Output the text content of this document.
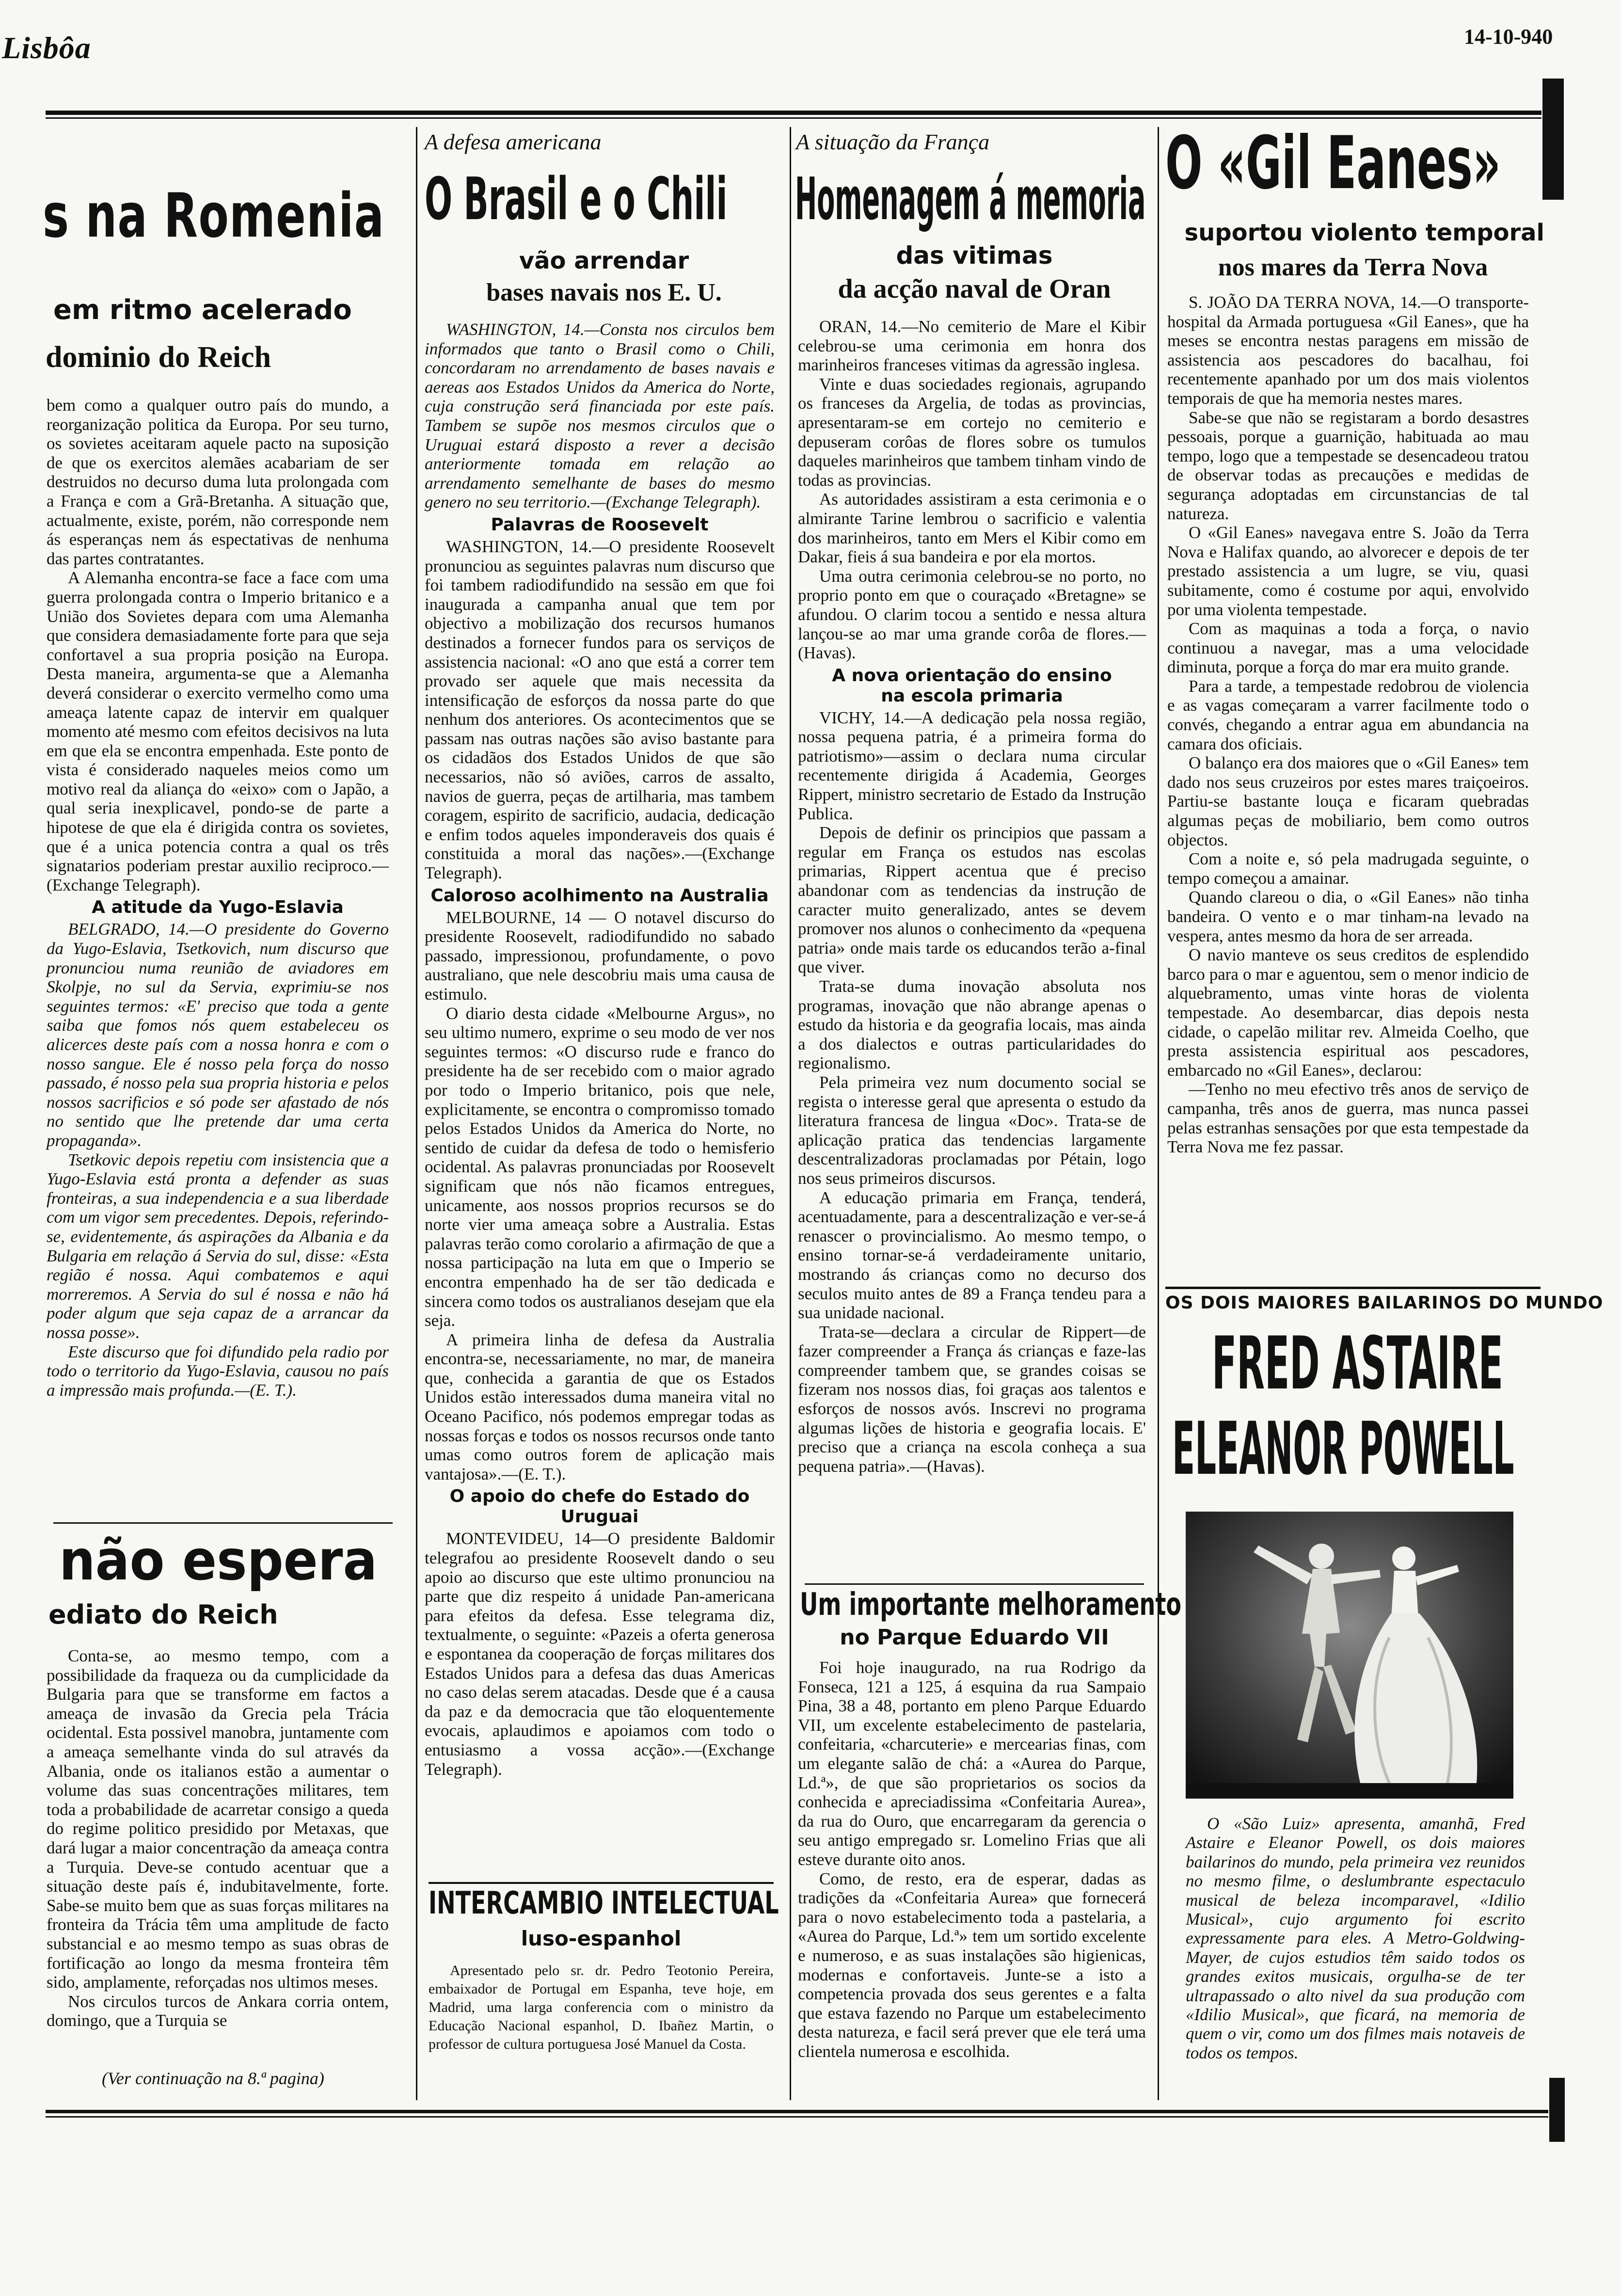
Lisbôa	14-10-940
s na Romenia
em ritmo acelerado
dominio do Reich

bem como a qualquer outro país do mundo, a reorganização politica da Europa. Por seu turno, os sovietes aceitaram aquele pacto na suposição de que os exercitos alemães acabariam de ser destruidos no decurso duma luta prolongada com a França e com a Grã-Bretanha. A situação que, actualmente, existe, porém, não corresponde nem ás esperanças nem ás espectativas de nenhuma das partes contratantes.

A Alemanha encontra-se face a face com uma guerra prolongada contra o Imperio britanico e a União dos Sovietes depara com uma Alemanha que considera demasiadamente forte para que seja confortavel a sua propria posição na Europa. Desta maneira, argumenta-se que a Alemanha deverá considerar o exercito vermelho como uma ameaça latente capaz de intervir em qualquer momento até mesmo com efeitos decisivos na luta em que ela se encontra empenhada. Este ponto de vista é considerado naqueles meios como um motivo real da aliança do «eixo» com o Japão, a qual seria inexplicavel, pondo-se de parte a hipotese de que ela é dirigida contra os sovietes, que é a unica potencia contra a qual os três signatarios poderiam prestar auxilio reciproco.—(Exchange Telegraph).

A atitude da Yugo-Eslavia

BELGRADO, 14.—O presidente do Governo da Yugo-Eslavia, Tsetkovich, num discurso que pronunciou numa reunião de aviadores em Skolpje, no sul da Servia, exprimiu-se nos seguintes termos: «E' preciso que toda a gente saiba que fomos nós quem estabeleceu os alicerces deste país com a nossa honra e com o nosso sangue. Ele é nosso pela força do nosso passado, é nosso pela sua propria historia e pelos nossos sacrificios e só pode ser afastado de nós no sentido que lhe pretende dar uma certa propaganda».

Tsetkovic depois repetiu com insistencia que a Yugo-Eslavia está pronta a defender as suas fronteiras, a sua independencia e a sua liberdade com um vigor sem precedentes. Depois, referindo-se, evidentemente, ás aspirações da Albania e da Bulgaria em relação á Servia do sul, disse: «Esta região é nossa. Aqui combatemos e aqui morreremos. A Servia do sul é nossa e não há poder algum que seja capaz de a arrancar da nossa posse».

Este discurso que foi difundido pela radio por todo o territorio da Yugo-Eslavia, causou no país a impressão mais profunda.—(E. T.).

não espera
ediato do Reich

Conta-se, ao mesmo tempo, com a possibilidade da fraqueza ou da cumplicidade da Bulgaria para que se transforme em factos a ameaça de invasão da Grecia pela Trácia ocidental. Esta possivel manobra, juntamente com a ameaça semelhante vinda do sul através da Albania, onde os italianos estão a aumentar o volume das suas concentrações militares, tem toda a probabilidade de acarretar consigo a queda do regime politico presidido por Metaxas, que dará lugar a maior concentração da ameaça contra a Turquia. Deve-se contudo acentuar que a situação deste país é, indubitavelmente, forte. Sabe-se muito bem que as suas forças militares na fronteira da Trácia têm uma amplitude de facto substancial e ao mesmo tempo as suas obras de fortificação ao longo da mesma fronteira têm sido, amplamente, reforçadas nos ultimos meses.

Nos circulos turcos de Ankara corria ontem, domingo, que a Turquia se

(Ver continuação na 8.ª pagina)
A defesa americana
O Brasil e o Chili
vão arrendar
bases navais nos E. U.

WASHINGTON, 14.—Consta nos circulos bem informados que tanto o Brasil como o Chili, concordaram no arrendamento de bases navais e aereas aos Estados Unidos da America do Norte, cuja construção será financiada por este país. Tambem se supõe nos mesmos circulos que o Uruguai estará disposto a rever a decisão anteriormente tomada em relação ao arrendamento semelhante de bases do mesmo genero no seu territorio.—(Exchange Telegraph).

Palavras de Roosevelt

WASHINGTON, 14.—O presidente Roosevelt pronunciou as seguintes palavras num discurso que foi tambem radiodifundido na sessão em que foi inaugurada a campanha anual que tem por objectivo a mobilização dos recursos humanos destinados a fornecer fundos para os serviços de assistencia nacional: «O ano que está a correr tem provado ser aquele que mais necessita da intensificação de esforços da nossa parte do que nenhum dos anteriores. Os acontecimentos que se passam nas outras nações são aviso bastante para os cidadãos dos Estados Unidos de que são necessarios, não só aviões, carros de assalto, navios de guerra, peças de artilharia, mas tambem coragem, espirito de sacrificio, audacia, dedicação e enfim todos aqueles imponderaveis dos quais é constituida a moral das nações».—(Exchange Telegraph).

Caloroso acolhimento na Australia

MELBOURNE, 14 — O notavel discurso do presidente Roosevelt, radiodifundido no sabado passado, impressionou, profundamente, o povo australiano, que nele descobriu mais uma causa de estimulo.

O diario desta cidade «Melbourne Argus», no seu ultimo numero, exprime o seu modo de ver nos seguintes termos: «O discurso rude e franco do presidente ha de ser recebido com o maior agrado por todo o Imperio britanico, pois que nele, explicitamente, se encontra o compromisso tomado pelos Estados Unidos da America do Norte, no sentido de cuidar da defesa de todo o hemisferio ocidental. As palavras pronunciadas por Roosevelt significam que nós não ficamos entregues, unicamente, aos nossos proprios recursos se do norte vier uma ameaça sobre a Australia. Estas palavras terão como corolario a afirmação de que a nossa participação na luta em que o Imperio se encontra empenhado ha de ser tão dedicada e sincera como todos os australianos desejam que ela seja.

A primeira linha de defesa da Australia encontra-se, necessariamente, no mar, de maneira que, conhecida a garantia de que os Estados Unidos estão interessados duma maneira vital no Oceano Pacifico, nós podemos empregar todas as nossas forças e todos os nossos recursos onde tanto umas como outros forem de aplicação mais vantajosa».—(E. T.).

O apoio do chefe do Estado do Uruguai

MONTEVIDEU, 14—O presidente Baldomir telegrafou ao presidente Roosevelt dando o seu apoio ao discurso que este ultimo pronunciou na parte que diz respeito á unidade Pan-americana para efeitos da defesa. Esse telegrama diz, textualmente, o seguinte: «Pazeis a oferta generosa e espontanea da cooperação de forças militares dos Estados Unidos para a defesa das duas Americas no caso delas serem atacadas. Desde que é a causa da paz e da democracia que tão eloquentemente evocais, aplaudimos e apoiamos com todo o entusiasmo a vossa acção».—(Exchange Telegraph).

INTERCAMBIO INTELECTUAL
luso-espanhol

Apresentado pelo sr. dr. Pedro Teotonio Pereira, embaixador de Portugal em Espanha, teve hoje, em Madrid, uma larga conferencia com o ministro da Educação Nacional espanhol, D. Ibañez Martin, o professor de cultura portuguesa José Manuel da Costa.

A situação da França
Homenagem á memoria
das vitimas
da acção naval de Oran

ORAN, 14.—No cemiterio de Mare el Kibir celebrou-se uma cerimonia em honra dos marinheiros franceses vitimas da agressão inglesa.

Vinte e duas sociedades regionais, agrupando os franceses da Argelia, de todas as provincias, apresentaram-se em cortejo no cemiterio e depuseram corôas de flores sobre os tumulos daqueles marinheiros que tambem tinham vindo de todas as provincias.

As autoridades assistiram a esta cerimonia e o almirante Tarine lembrou o sacrificio e valentia dos marinheiros, tanto em Mers el Kibir como em Dakar, fieis á sua bandeira e por ela mortos.

Uma outra cerimonia celebrou-se no porto, no proprio ponto em que o couraçado «Bretagne» se afundou. O clarim tocou a sentido e nessa altura lançou-se ao mar uma grande corôa de flores.—(Havas).

A nova orientação do ensino na escola primaria

VICHY, 14.—A dedicação pela nossa região, nossa pequena patria, é a primeira forma do patriotismo»—assim o declara numa circular recentemente dirigida á Academia, Georges Rippert, ministro secretario de Estado da Instrução Publica.

Depois de definir os principios que passam a regular em França os estudos nas escolas primarias, Rippert acentua que é preciso abandonar com as tendencias da instrução de caracter muito generalizado, antes se devem promover nos alunos o conhecimento da «pequena patria» onde mais tarde os educandos terão a-final que viver.

Trata-se duma inovação absoluta nos programas, inovação que não abrange apenas o estudo da historia e da geografia locais, mas ainda a dos dialectos e outras particularidades do regionalismo.

Pela primeira vez num documento social se regista o interesse geral que apresenta o estudo da literatura francesa de lingua «Doc». Trata-se de aplicação pratica das tendencias largamente descentralizadoras proclamadas por Pétain, logo nos seus primeiros discursos.

A educação primaria em França, tenderá, acentuadamente, para a descentralização e ver-se-á renascer o provincialismo. Ao mesmo tempo, o ensino tornar-se-á verdadeiramente unitario, mostrando ás crianças como no decurso dos seculos muito antes de 89 a França tendeu para a sua unidade nacional.

Trata-se—declara a circular de Rippert—de fazer compreender a França ás crianças e faze-las compreender tambem que, se grandes coisas se fizeram nos nossos dias, foi graças aos talentos e esforços de nossos avós. Inscrevi no programa algumas lições de historia e geografia locais. E' preciso que a criança na escola conheça a sua pequena patria».—(Havas).

Um importante melhoramento
no Parque Eduardo VII

Foi hoje inaugurado, na rua Rodrigo da Fonseca, 121 a 125, á esquina da rua Sampaio Pina, 38 a 48, portanto em pleno Parque Eduardo VII, um excelente estabelecimento de pastelaria, confeitaria, «charcuterie» e mercearias finas, com um elegante salão de chá: a «Aurea do Parque, Ld.ª», de que são proprietarios os socios da conhecida e apreciadissima «Confeitaria Aurea», da rua do Ouro, que encarregaram da gerencia o seu antigo empregado sr. Lomelino Frias que ali esteve durante oito anos.

Como, de resto, era de esperar, dadas as tradições da «Confeitaria Aurea» que fornecerá para o novo estabelecimento toda a pastelaria, a «Aurea do Parque, Ld.ª» tem um sortido excelente e numeroso, e as suas instalações são higienicas, modernas e confortaveis. Junte-se a isto a competencia provada dos seus gerentes e a falta que estava fazendo no Parque um estabelecimento desta natureza, e facil será prever que ele terá uma clientela numerosa e escolhida.

O «Gil Eanes»
suportou violento temporal
nos mares da Terra Nova

S. JOÃO DA TERRA NOVA, 14.—O transporte-hospital da Armada portuguesa «Gil Eanes», que ha meses se encontra nestas paragens em missão de assistencia aos pescadores do bacalhau, foi recentemente apanhado por um dos mais violentos temporais de que ha memoria nestes mares.

Sabe-se que não se registaram a bordo desastres pessoais, porque a guarnição, habituada ao mau tempo, logo que a tempestade se desencadeou tratou de observar todas as precauções e medidas de segurança adoptadas em circunstancias de tal natureza.

O «Gil Eanes» navegava entre S. João da Terra Nova e Halifax quando, ao alvorecer e depois de ter prestado assistencia a um lugre, se viu, quasi subitamente, como é costume por aqui, envolvido por uma violenta tempestade.

Com as maquinas a toda a força, o navio continuou a navegar, mas a uma velocidade diminuta, porque a força do mar era muito grande.

Para a tarde, a tempestade redobrou de violencia e as vagas começaram a varrer facilmente todo o convés, chegando a entrar agua em abundancia na camara dos oficiais.

O balanço era dos maiores que o «Gil Eanes» tem dado nos seus cruzeiros por estes mares traiçoeiros. Partiu-se bastante louça e ficaram quebradas algumas peças de mobiliario, bem como outros objectos.

Com a noite e, só pela madrugada seguinte, o tempo começou a amainar.

Quando clareou o dia, o «Gil Eanes» não tinha bandeira. O vento e o mar tinham-na levado na vespera, antes mesmo da hora de ser arreada.

O navio manteve os seus creditos de esplendido barco para o mar e aguentou, sem o menor indicio de alquebramento, umas vinte horas de violenta tempestade. Ao desembarcar, dias depois nesta cidade, o capelão militar rev. Almeida Coelho, que presta assistencia espiritual aos pescadores, embarcado no «Gil Eanes», declarou:

—Tenho no meu efectivo três anos de serviço de campanha, três anos de guerra, mas nunca passei pelas estranhas sensações por que esta tempestade da Terra Nova me fez passar.

OS DOIS MAIORES BAILARINOS DO MUNDO
FRED ASTAIRE
ELEANOR POWELL

O «São Luiz» apresenta, amanhã, Fred Astaire e Eleanor Powell, os dois maiores bailarinos do mundo, pela primeira vez reunidos no mesmo filme, o deslumbrante espectaculo musical de beleza incomparavel, «Idilio Musical», cujo argumento foi escrito expressamente para eles. A Metro-Goldwing-Mayer, de cujos estudios têm saido todos os grandes exitos musicais, orgulha-se de ter ultrapassado o alto nivel da sua produção com «Idilio Musical», que ficará, na memoria de quem o vir, como um dos filmes mais notaveis de todos os tempos.
